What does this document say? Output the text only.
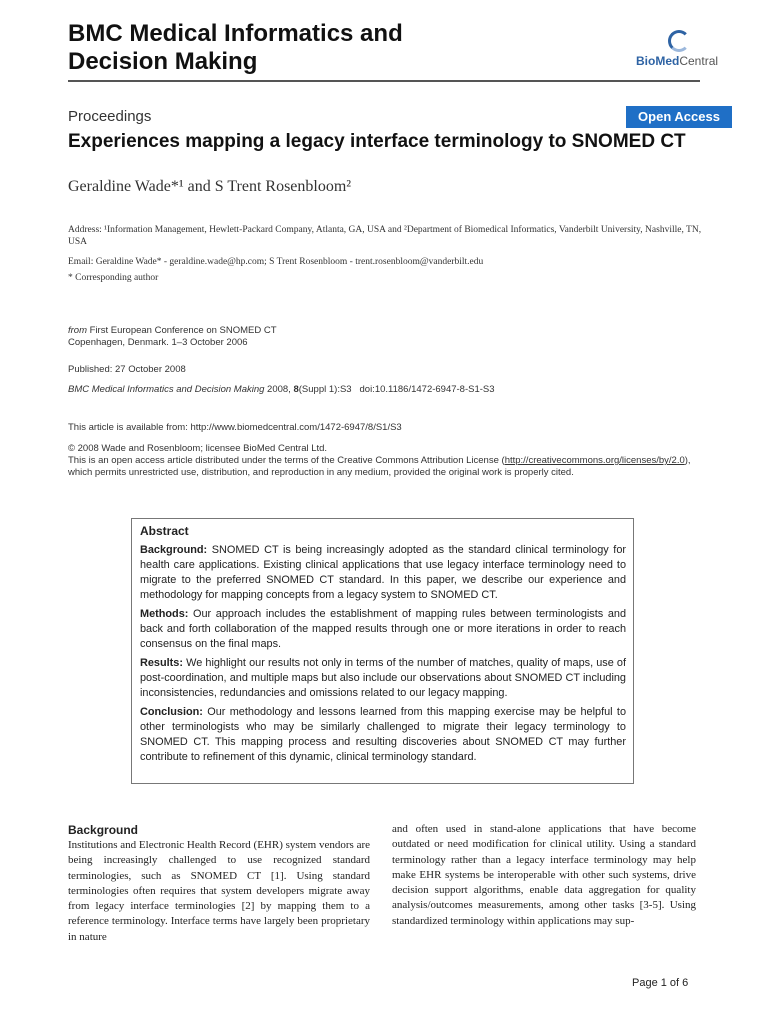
BMC Medical Informatics and
Decision Making	BioMedCentral
Proceedings	Open Access
Experiences mapping a legacy interface terminology to SNOMED CT
Geraldine Wade*¹ and S Trent Rosenbloom²
Address: ¹Information Management, Hewlett-Packard Company, Atlanta, GA, USA and ²Department of Biomedical Informatics, Vanderbilt University, Nashville, TN, USA
Email: Geraldine Wade* - geraldine.wade@hp.com; S Trent Rosenbloom - trent.rosenbloom@vanderbilt.edu
* Corresponding author
from First European Conference on SNOMED CT
Copenhagen, Denmark. 1–3 October 2006
Published: 27 October 2008
BMC Medical Informatics and Decision Making 2008, 8(Suppl 1):S3 doi:10.1186/1472-6947-8-S1-S3
This article is available from: http://www.biomedcentral.com/1472-6947/8/S1/S3
© 2008 Wade and Rosenbloom; licensee BioMed Central Ltd.
This is an open access article distributed under the terms of the Creative Commons Attribution License (http://creativecommons.org/licenses/by/2.0),
which permits unrestricted use, distribution, and reproduction in any medium, provided the original work is properly cited.
Abstract

Background: SNOMED CT is being increasingly adopted as the standard clinical terminology for health care applications. Existing clinical applications that use legacy interface terminology need to migrate to the preferred SNOMED CT standard. In this paper, we describe our experience and methodology for mapping concepts from a legacy system to SNOMED CT.

Methods: Our approach includes the establishment of mapping rules between terminologists and back and forth collaboration of the mapped results through one or more iterations in order to reach consensus on the final maps.

Results: We highlight our results not only in terms of the number of matches, quality of maps, use of post-coordination, and multiple maps but also include our observations about SNOMED CT including inconsistencies, redundancies and omissions related to our legacy mapping.

Conclusion: Our methodology and lessons learned from this mapping exercise may be helpful to other terminologists who may be similarly challenged to migrate their legacy terminology to SNOMED CT. This mapping process and resulting discoveries about SNOMED CT may further contribute to refinement of this dynamic, clinical terminology standard.

Background
Institutions and Electronic Health Record (EHR) system vendors are being increasingly challenged to use recognized standard terminologies, such as SNOMED CT [1]. Using standard terminologies often requires that system developers migrate away from legacy interface terminologies [2] by mapping them to a reference terminology. Interface terms have largely been proprietary in nature
and often used in stand-alone applications that have become outdated or need modification for clinical utility. Using a standard terminology rather than a legacy interface terminology may help make EHR systems be interoperable with other such systems, drive decision support algorithms, enable data aggregation for quality analysis/outcomes measurements, among other tasks [3-5]. Using standardized terminology within applications may sup-
Page 1 of 6
